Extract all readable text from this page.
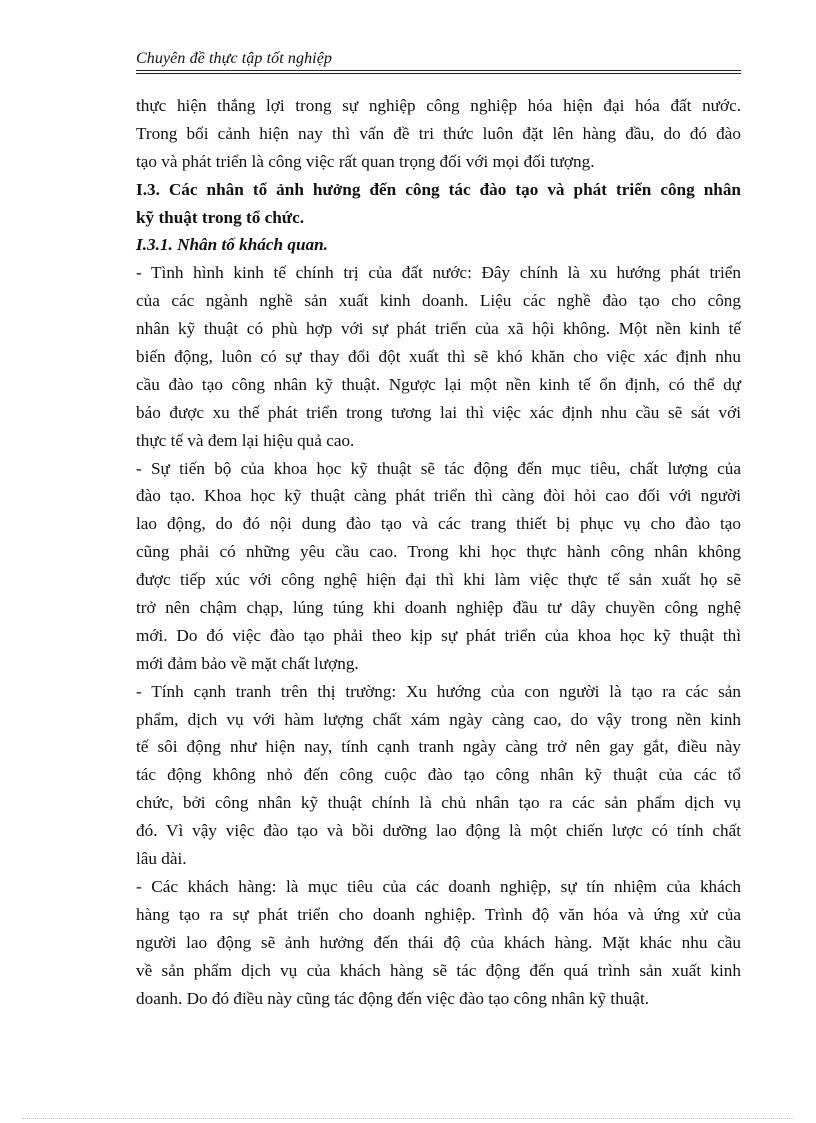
Chuyên đề thực tập tốt nghiệp
thực hiện thắng lợi trong sự nghiệp công nghiệp hóa hiện đại hóa đất nước.
Trong bối cảnh hiện nay thì vấn đề tri thức luôn đặt lên hàng đầu, do đó đào
tạo và phát triển là công việc rất quan trọng đối với mọi đối tượng.
I.3. Các nhân tố ảnh hưởng đến công tác đào tạo và phát triển công nhân
kỹ thuật trong tổ chức.
I.3.1. Nhân tố khách quan.
- Tình hình kinh tế chính trị của đất nước: Đây chính là xu hướng phát triển
của các ngành nghề sản xuất kinh doanh. Liệu các nghề đào tạo cho công
nhân kỹ thuật có phù hợp với sự phát triển của xã hội không. Một nền kinh tế
biến động, luôn có sự thay đổi đột xuất thì sẽ khó khăn cho việc xác định nhu
cầu đào tạo công nhân kỹ thuật. Ngược lại một nền kinh tế ổn định, có thể dự
báo được xu thế phát triển trong tương lai thì việc xác định nhu cầu sẽ sát với
thực tế và đem lại hiệu quả cao.
- Sự tiến bộ của khoa học kỹ thuật sẽ tác động đến mục tiêu, chất lượng của
đào tạo. Khoa học kỹ thuật càng phát triển thì càng đòi hỏi cao đối với người
lao động, do đó nội dung đào tạo và các trang thiết bị phục vụ cho đào tạo
cũng phải có những yêu cầu cao. Trong khi học thực hành công nhân không
được tiếp xúc với công nghệ hiện đại thì khi làm việc thực tế sản xuất họ sẽ
trở nên chậm chạp, lúng túng khi doanh nghiệp đầu tư dây chuyền công nghệ
mới. Do đó việc đào tạo phải theo kịp sự phát triển của khoa học kỹ thuật thì
mới đảm bảo về mặt chất lượng.
- Tính cạnh tranh trên thị trường: Xu hướng của con người là tạo ra các sản
phẩm, dịch vụ với hàm lượng chất xám ngày càng cao, do vậy trong nền kinh
tế sôi động như hiện nay, tính cạnh tranh ngày càng trở nên gay gắt, điều này
tác động không nhỏ đến công cuộc đào tạo công nhân kỹ thuật của các tổ
chức, bởi công nhân kỹ thuật chính là chủ nhân tạo ra các sản phẩm dịch vụ
đó. Vì vậy việc đào tạo và bồi dưỡng lao động là một chiến lược có tính chất
lâu dài.
- Các khách hàng: là mục tiêu của các doanh nghiệp, sự tín nhiệm của khách
hàng tạo ra sự phát triển cho doanh nghiệp. Trình độ văn hóa và ứng xử của
người lao động sẽ ảnh hưởng đến thái độ của khách hàng. Mặt khác nhu cầu
về sản phẩm dịch vụ của khách hàng sẽ tác động đến quá trình sản xuất kinh
doanh. Do đó điều này cũng tác động đến việc đào tạo công nhân kỹ thuật.
